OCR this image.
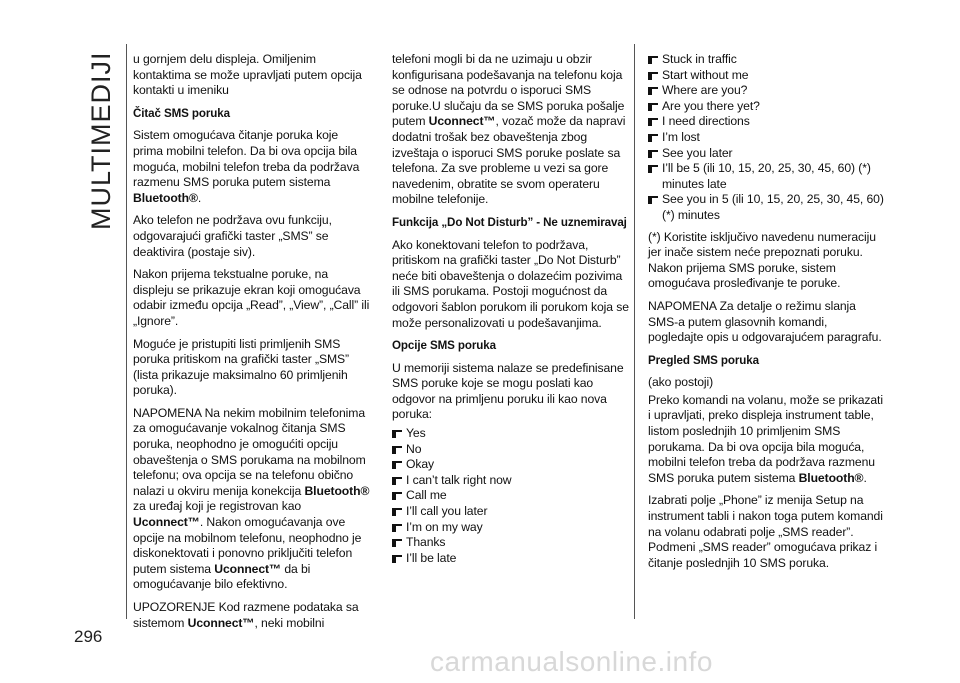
MULTIMEDIJI
296

u gornjem delu displeja. Omiljenim kontaktima se može upravljati putem opcija kontakti u imeniku

Čitač SMS poruka

Sistem omogućava čitanje poruka koje prima mobilni telefon. Da bi ova opcija bila moguća, mobilni telefon treba da podržava razmenu SMS poruka putem sistema Bluetooth®.

Ako telefon ne podržava ovu funkciju, odgovarajući grafički taster „SMS” se deaktivira (postaje siv).

Nakon prijema tekstualne poruke, na displeju se prikazuje ekran koji omogućava odabir između opcija „Read”, „View”, „Call” ili „Ignore”.

Moguće je pristupiti listi primljenih SMS poruka pritiskom na grafički taster „SMS” (lista prikazuje maksimalno 60 primljenih poruka).

NAPOMENA Na nekim mobilnim telefonima za omogućavanje vokalnog čitanja SMS poruka, neophodno je omogućiti opciju obaveštenja o SMS porukama na mobilnom telefonu; ova opcija se na telefonu obično nalazi u okviru menija konekcija Bluetooth® za uređaj koji je registrovan kao Uconnect™. Nakon omogućavanja ove opcije na mobilnom telefonu, neophodno je diskonektovati i ponovno priključiti telefon putem sistema Uconnect™ da bi omogućavanje bilo efektivno.

UPOZORENJE Kod razmene podataka sa sistemom Uconnect™, neki mobilni

telefoni mogli bi da ne uzimaju u obzir konfigurisana podešavanja na telefonu koja se odnose na potvrdu o isporuci SMS poruke.U slučaju da se SMS poruka pošalje putem Uconnect™, vozač može da napravi dodatni trošak bez obaveštenja zbog izveštaja o isporuci SMS poruke poslate sa telefona. Za sve probleme u vezi sa gore navedenim, obratite se svom operateru mobilne telefonije.

Funkcija „Do Not Disturb” - Ne uznemiravaj

Ako konektovani telefon to podržava, pritiskom na grafički taster „Do Not Disturb” neće biti obaveštenja o dolazećim pozivima ili SMS porukama. Postoji mogućnost da odgovori šablon porukom ili porukom koja se može personalizovati u podešavanjima.

Opcije SMS poruka

U memoriji sistema nalaze se predefinisane SMS poruke koje se mogu poslati kao odgovor na primljenu poruku ili kao nova poruka:

Yes
No
Okay
I can’t talk right now
Call me
I’ll call you later
I’m on my way
Thanks
I’ll be late
Stuck in traffic
Start without me
Where are you?
Are you there yet?
I need directions
I’m lost
See you later
I’ll be 5 (ili 10, 15, 20, 25, 30, 45, 60) (*) minutes late
See you in 5 (ili 10, 15, 20, 25, 30, 45, 60) (*) minutes

(*) Koristite isključivo navedenu numeraciju jer inače sistem neće prepoznati poruku. Nakon prijema SMS poruke, sistem omogućava prosleđivanje te poruke.

NAPOMENA Za detalje o režimu slanja SMS-a putem glasovnih komandi, pogledajte opis u odgovarajućem paragrafu.

Pregled SMS poruka

(ako postoji)

Preko komandi na volanu, može se prikazati i upravljati, preko displeja instrument table, listom poslednjih 10 primljenim SMS porukama. Da bi ova opcija bila moguća, mobilni telefon treba da podržava razmenu SMS poruka putem sistema Bluetooth®.

Izabrati polje „Phone” iz menija Setup na instrument tabli i nakon toga putem komandi na volanu odabrati polje „SMS reader”. Podmeni „SMS reader” omogućava prikaz i čitanje poslednjih 10 SMS poruka.

carmanualsonline.info
